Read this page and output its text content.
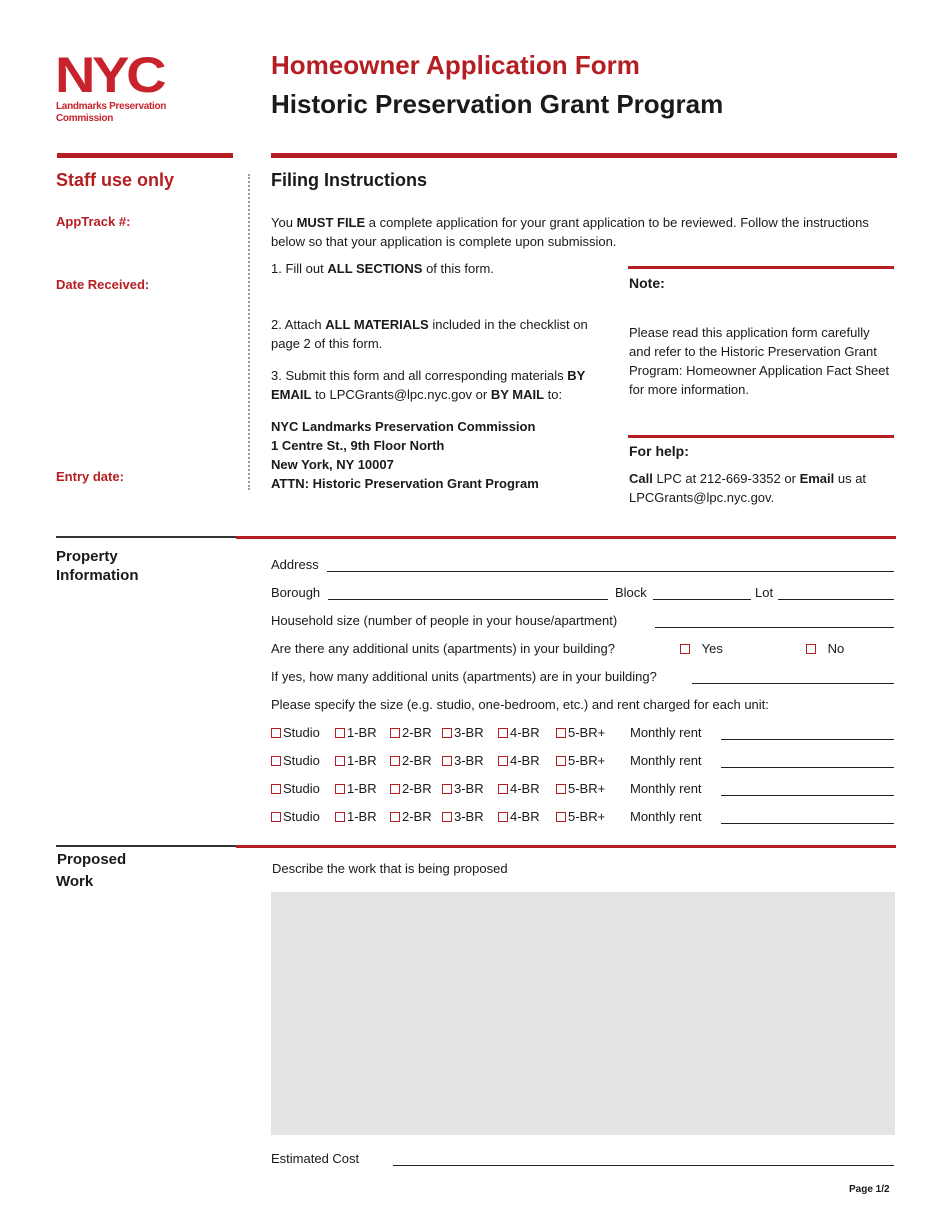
NYC
Landmarks Preservation
Commission
Homeowner Application Form
Historic Preservation Grant Program
Staff use only
AppTrack #:
Date Received:
Entry date:
Filing Instructions
You MUST FILE a complete application for your grant application to be reviewed. Follow the instructions below so that your application is complete upon submission.
1. Fill out ALL SECTIONS of this form.
2. Attach ALL MATERIALS included in the checklist on page 2 of this form.
3. Submit this form and all corresponding materials BY EMAIL to LPCGrants@lpc.nyc.gov or BY MAIL to:
NYC Landmarks Preservation Commission
1 Centre St., 9th Floor North
New York, NY 10007
ATTN: Historic Preservation Grant Program
Note:
Please read this application form carefully and refer to the Historic Preservation Grant Program: Homeowner Application Fact Sheet for more information.
For help:
Call LPC at 212-669-3352 or Email us at LPCGrants@lpc.nyc.gov.
Property
Information
Address
Borough	Block	Lot
Household size (number of people in your house/apartment)
Are there any additional units (apartments) in your building?	Yes	No
If yes, how many additional units (apartments) are in your building?
Please specify the size (e.g. studio, one-bedroom, etc.) and rent charged for each unit:
Studio	1-BR	2-BR	3-BR	4-BR	5-BR+ Monthly rent
Studio	1-BR	2-BR	3-BR	4-BR	5-BR+ Monthly rent
Studio	1-BR	2-BR	3-BR	4-BR	5-BR+ Monthly rent
Studio	1-BR	2-BR	3-BR	4-BR	5-BR+ Monthly rent
Proposed
Work
Describe the work that is being proposed
Estimated Cost
Page 1/2
